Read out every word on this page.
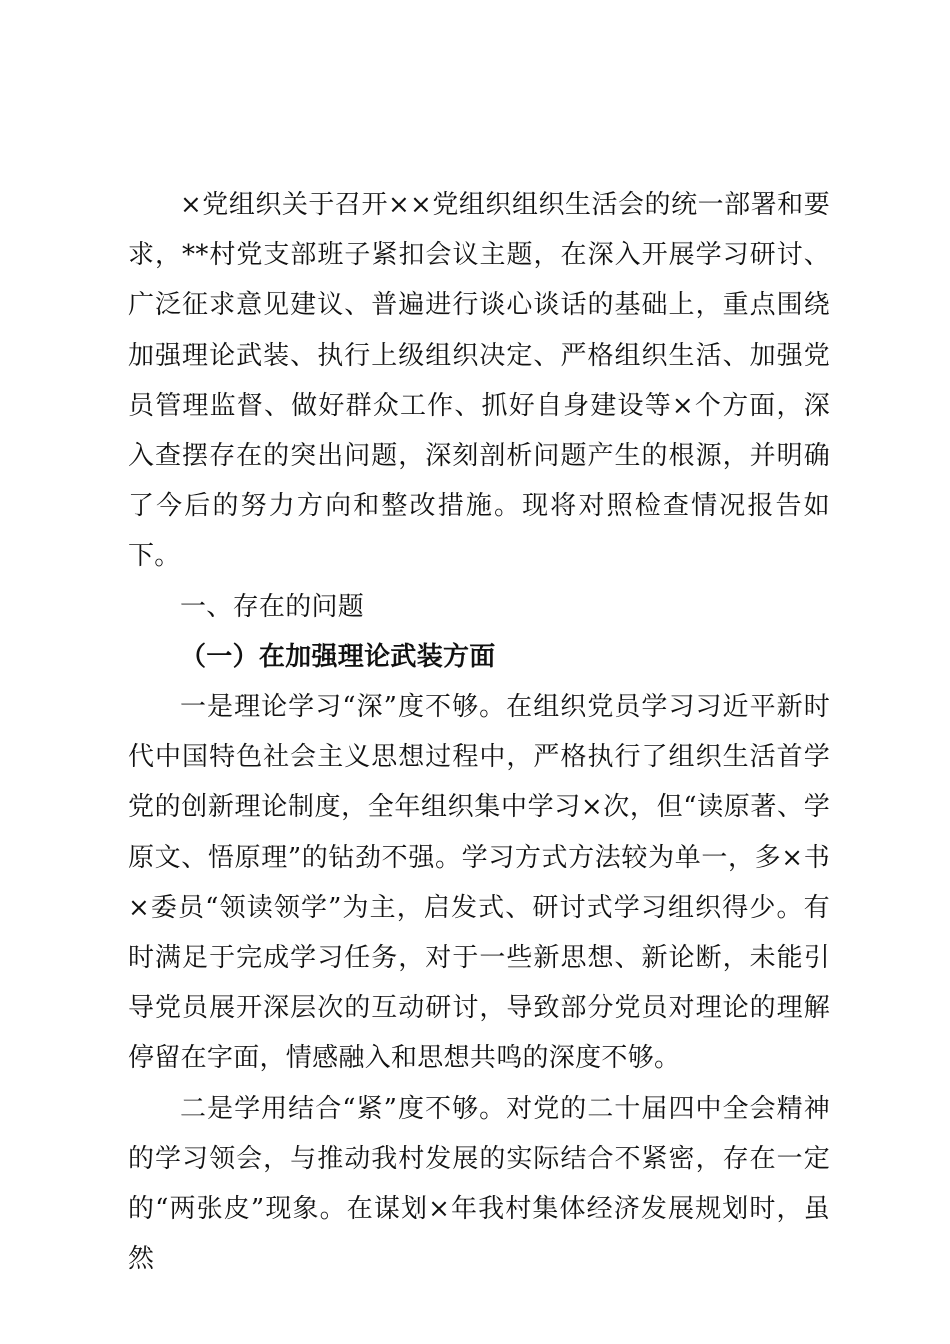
×党组织关于召开××党组织组织生活会的统一部署和要求，**村党支部班子紧扣会议主题，在深入开展学习研讨、广泛征求意见建议、普遍进行谈心谈话的基础上，重点围绕加强理论武装、执行上级组织决定、严格组织生活、加强党员管理监督、做好群众工作、抓好自身建设等×个方面，深入查摆存在的突出问题，深刻剖析问题产生的根源，并明确了今后的努力方向和整改措施。现将对照检查情况报告如下。

一、存在的问题
（一）在加强理论武装方面

一是理论学习“深”度不够。在组织党员学习习近平新时代中国特色社会主义思想过程中，严格执行了组织生活首学党的创新理论制度，全年组织集中学习×次，但“读原著、学原文、悟原理”的钻劲不强。学习方式方法较为单一，多×书×委员“领读领学”为主，启发式、研讨式学习组织得少。有时满足于完成学习任务，对于一些新思想、新论断，未能引导党员展开深层次的互动研讨，导致部分党员对理论的理解停留在字面，情感融入和思想共鸣的深度不够。

二是学用结合“紧”度不够。对党的二十届四中全会精神的学习领会，与推动我村发展的实际结合不紧密，存在一定的“两张皮”现象。在谋划×年我村集体经济发展规划时，虽然
